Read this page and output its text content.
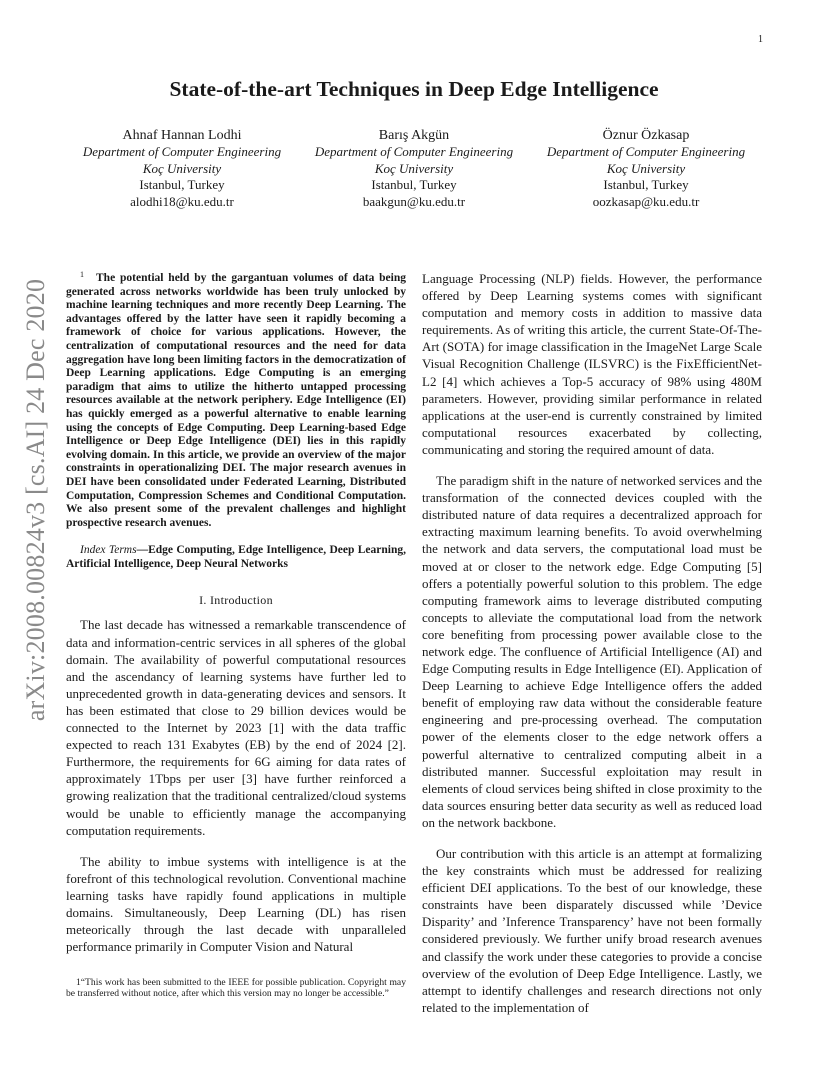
1
arXiv:2008.00824v3 [cs.AI] 24 Dec 2020
State-of-the-art Techniques in Deep Edge Intelligence
Ahnaf Hannan Lodhi
Department of Computer Engineering
Koç University
Istanbul, Turkey
alodhi18@ku.edu.tr
Barış Akgün
Department of Computer Engineering
Koç University
Istanbul, Turkey
baakgun@ku.edu.tr
Öznur Özkasap
Department of Computer Engineering
Koç University
Istanbul, Turkey
oozkasap@ku.edu.tr

$^1$ The potential held by the gargantuan volumes of data being generated across networks worldwide has been truly unlocked by machine learning techniques and more recently Deep Learning. The advantages offered by the latter have seen it rapidly becoming a framework of choice for various applications. However, the centralization of computational resources and the need for data aggregation have long been limiting factors in the democratization of Deep Learning applications. Edge Computing is an emerging paradigm that aims to utilize the hitherto untapped processing resources available at the network periphery. Edge Intelligence (EI) has quickly emerged as a powerful alternative to enable learning using the concepts of Edge Computing. Deep Learning-based Edge Intelligence or Deep Edge Intelligence (DEI) lies in this rapidly evolving domain. In this article, we provide an overview of the major constraints in operationalizing DEI. The major research avenues in DEI have been consolidated under Federated Learning, Distributed Computation, Compression Schemes and Conditional Computation. We also present some of the prevalent challenges and highlight prospective research avenues.

Index Terms—Edge Computing, Edge Intelligence, Deep Learning, Artificial Intelligence, Deep Neural Networks

I. Introduction

The last decade has witnessed a remarkable transcendence of data and information-centric services in all spheres of the global domain. The availability of powerful computational resources and the ascendancy of learning systems have further led to unprecedented growth in data-generating devices and sensors. It has been estimated that close to 29 billion devices would be connected to the Internet by 2023 [1] with the data traffic expected to reach 131 Exabytes (EB) by the end of 2024 [2]. Furthermore, the requirements for 6G aiming for data rates of approximately 1Tbps per user [3] have further reinforced a growing realization that the traditional centralized/cloud systems would be unable to efficiently manage the accompanying computation requirements.

The ability to imbue systems with intelligence is at the forefront of this technological revolution. Conventional machine learning tasks have rapidly found applications in multiple domains. Simultaneously, Deep Learning (DL) has risen meteorically through the last decade with unparalleled performance primarily in Computer Vision and Natural

1“This work has been submitted to the IEEE for possible publication. Copyright may be transferred without notice, after which this version may no longer be accessible.”

Language Processing (NLP) fields. However, the performance offered by Deep Learning systems comes with significant computation and memory costs in addition to massive data requirements. As of writing this article, the current State-Of-The-Art (SOTA) for image classification in the ImageNet Large Scale Visual Recognition Challenge (ILSVRC) is the FixEfficientNet-L2 [4] which achieves a Top-5 accuracy of 98% using 480M parameters. However, providing similar performance in related applications at the user-end is currently constrained by limited computational resources exacerbated by collecting, communicating and storing the required amount of data.

The paradigm shift in the nature of networked services and the transformation of the connected devices coupled with the distributed nature of data requires a decentralized approach for extracting maximum learning benefits. To avoid overwhelming the network and data servers, the computational load must be moved at or closer to the network edge. Edge Computing [5] offers a potentially powerful solution to this problem. The edge computing framework aims to leverage distributed computing concepts to alleviate the computational load from the network core benefiting from processing power available close to the network edge. The confluence of Artificial Intelligence (AI) and Edge Computing results in Edge Intelligence (EI). Application of Deep Learning to achieve Edge Intelligence offers the added benefit of employing raw data without the considerable feature engineering and pre-processing overhead. The computation power of the elements closer to the edge network offers a powerful alternative to centralized computing albeit in a distributed manner. Successful exploitation may result in elements of cloud services being shifted in close proximity to the data sources ensuring better data security as well as reduced load on the network backbone.

Our contribution with this article is an attempt at formalizing the key constraints which must be addressed for realizing efficient DEI applications. To the best of our knowledge, these constraints have been disparately discussed while ’Device Disparity’ and ’Inference Transparency’ have not been formally considered previously. We further unify broad research avenues and classify the work under these categories to provide a concise overview of the evolution of Deep Edge Intelligence. Lastly, we attempt to identify challenges and research directions not only related to the implementation of
